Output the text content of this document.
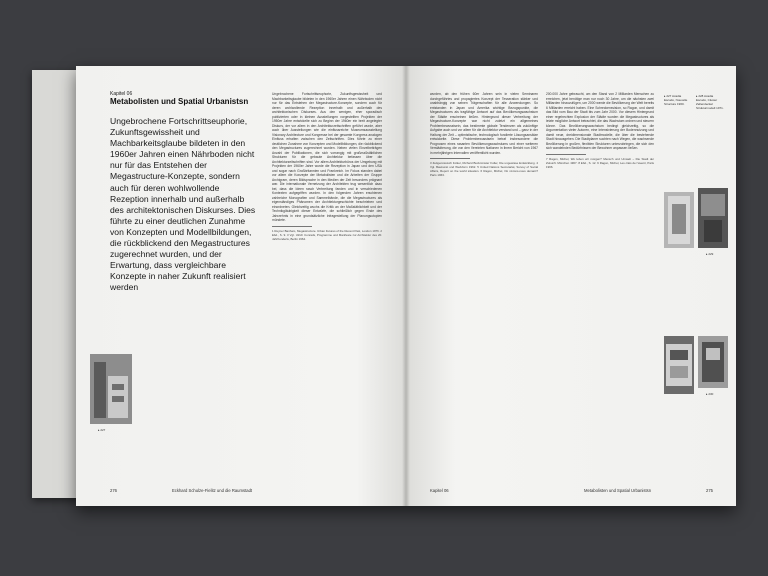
Kapitel 06
Metabolisten und Spatial Urbanistsn

Ungebrochene Fortschrittseuphorie, Zukunftsgewissheit und Machbarkeitsglaube bildeten in den 1960er Jahren einen Nährboden nicht nur für das Entstehen der Megastructure-Konzepte, sondern auch für deren wohlwollende Rezeption innerhalb und außerhalb des architektonischen Diskurses. Dies führte zu einer deutlichen Zunahme von Konzepten und Modellbildungen, die rückblickend den Megastructures zugerechnet wurden, und der Erwartung, dass vergleichbare Konzepte in naher Zukunft realisiert werden

Ungebrochene Fortschrittseuphorie, Zukunftsgewissheit und Machbarkeitsglaube bildeten in den 1960er Jahren einen Nährboden nicht nur für das Entstehen der Megastructure-Konzepte, sondern auch für deren wohlwollende Rezeption innerhalb und außerhalb des architektonischen Diskurses. Aus den wenigen, eher sporadisch publizierten oder in kleinen Ausstellungen vorgestellten Projekten der 1950er Jahre entwickelte sich zu Beginn der 1960er ein breit angelegter Diskurs, der vor allem in den Architekturzeitschriften geführt wurde, aber auch über Ausstellungen wie die einflussreiche Museumsausstellung Visionary Architecture und Kongresse bei der gesamte Kongress analogen Einfluss erhalten zwischen den Zeitschriften. Dies führte zu einer deutlichen Zunahme von Konzepten und Modellbildungen, die rückblickend den Megastructures zugerechnet wurden. Neben vielen Einzelbeiträgen Anzahl der Publikationen, die sich vorrangig mit großmaßstäblichen Strukturen für die gebaute Architektur befassen über die Architekturzeitschriften sind. Vor allem Architekturbüros der Umgebung mit Projekten der 1960er Jahre wurde die Rezeption in Japan und den USA und sogar nach Großbritannien und Frankreich. Im Fokus standen dabei vor allem die Konzepte der Metabolisten und die Arbeiten der Gruppe Archigram, deren Bildsprache in den Medien der Zeit besonders prägnant war. Die internationale Vernetzung der Architekten trug wesentlich dazu bei, dass die Ideen rasch Verbreitung fanden und in verschiedenen Kontexten aufgegriffen wurden. In den folgenden Jahren erschienen zahlreiche Monografien und Sammelbände, die die Megastructures als eigenständiges Phänomen der Architekturgeschichte beschrieben und einordneten. Gleichzeitig wuchs die Kritik an der Maßstäblichkeit und der Technikgläubigkeit dieser Entwürfe, die schließlich gegen Ende des Jahrzehnts in eine grundsätzliche Infragestellung der Planungsutopien mündete.
1 Reyner Banham, Megastructure. Urban Futures of the Recent Past, London 1976. 2 Ebd., S. 9. 3 Vgl. Ulrich Conrads, Programme und Manifeste zur Architektur des 20. Jahrhunderts, Berlin 1964.
▸ 227
276	Eckhard Schulze-Fielitz und die Raumstadt
wurden, ab den frühen 60er Jahren sein in vielen Seminaren durchgeführtes und propagiertes Konzept der Tesseration stärker und unabhängig von seinen Trägerschaften für alle Anwendungen. So entstanden in Japan und Amerika wichtige Bezugspunkte, die Megastructures als tragfähige Antwort auf das Bevölkerungswachstum der Städte erscheinen ließen. Hintergrund dieser Verbreitung der Megastructure-Konzepte war nicht zuletzt ein allgemeines Problembewusstsein, das bestimmte globale Tendenzen als zukünftige Aufgabe auch und vor allem für die Architektur verstand und – ganz in der Haltung der Zeit – optimistische, technologisch fundierte Lösungsansätze entwickelte. Diese Problembewusstsein betraf insbesondere die Prognosen eines rasanten Bevölkerungswachstums und einer weiteren Verstädterung, die von den Vereinten Nationen in ihrem Bericht von 1967 in mehrjährigen Intervallen veröffentlicht wurden.
3 Zeitgenössisch Folker, Richard Buckminster Fuller, Die ungewisse Entwicklung. 4 Vgl. Baukunst und Werkform 1962. 5 United Nations Secretariat, Survey of Social Affairs, Report on the world situation. 6 Ragon, Michel, Où vivrons-nous demain? Paris 1963.
200.000 Jahre gebraucht, um den Stand von 2 Milliarden Menschen zu erreichen, jetzt benötige man nur noch 30 Jahre, um die nächsten zwei Milliarden hinzuzufügen, um 2000 werde die Bevölkerung der Welt bereits 6 Milliarden erreicht haben. Eine Schreckensvision, so Ragon, und damit das Bild vom Bau der Stadt bis zum Jahr 2000. Vor diesem Hintergrund einer regelrechten Explosion der Städte wurden die Megastructures als letzte mögliche Antwort betrachtet, die das Wachstum ordnen und steuern könne. Das Bevölkerungswachstum bedingt gleichzeitig, so die Argumentation vieler Autoren, eine Intensivierung der Bodennutzung und damit neue, dreidimensionale Stadtmodelle, die über die bestehende Stadt hinausgehen. Die Stadtplaner suchten nach Wegen, die wachsende Bevölkerung in großen, flexiblen Strukturen unterzubringen, die sich den sich wandelnden Bedürfnissen der Bewohner anpassen ließen.
7 Ragon, Michel, Wo leben wir morgen? Mensch und Umwelt – Die Stadt der Zukunft. München 1967. 8 Ebd., S. 12. 9 Ragon, Michel, Les cités de l’avenir, Paris 1966.
▸ 227 Acadia Escudo, Nouvelle Structure 1960.
▸ 228 Acadia Escudo, Cluster Zellendeckel Strukturmodell 1971.
▸ 229
▸ 230
Kapitel 06	Metabolisten und Spatial Urbanistsn	275
